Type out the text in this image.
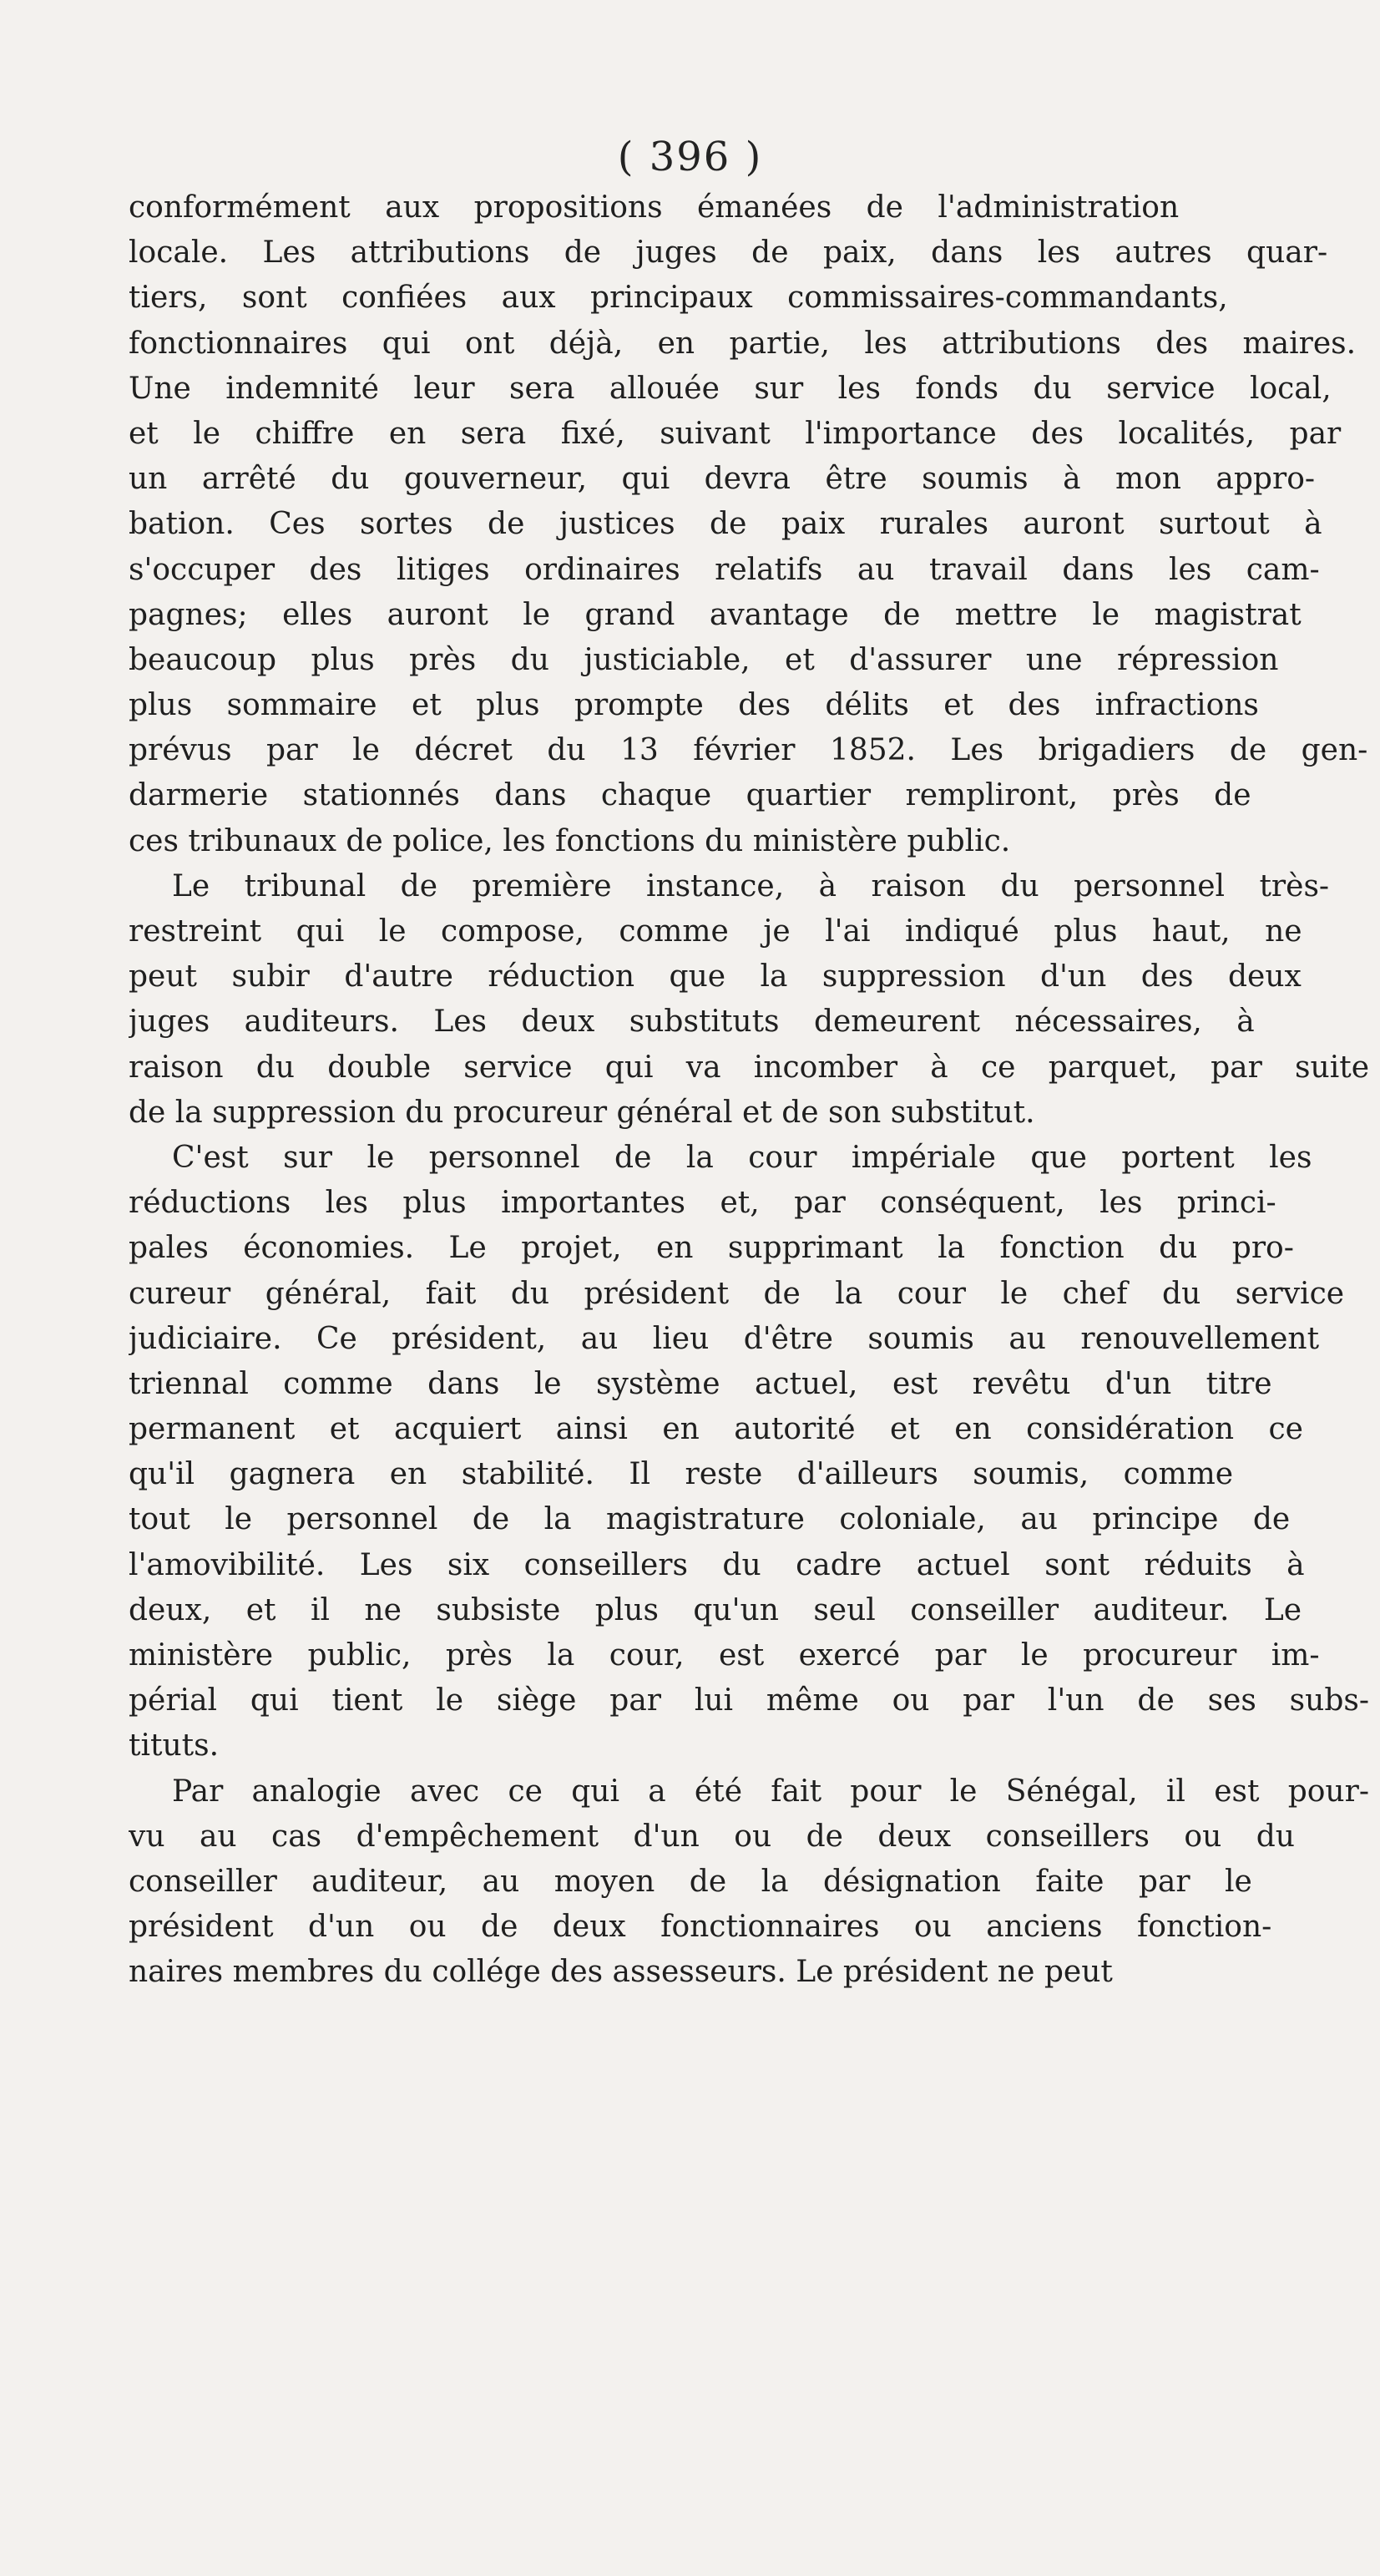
( 396 )
conformément aux propositions émanées de l'administration
locale. Les attributions de juges de paix, dans les autres quar-
tiers, sont confiées aux principaux commissaires-commandants,
fonctionnaires qui ont déjà, en partie, les attributions des maires.
Une indemnité leur sera allouée sur les fonds du service local,
et le chiffre en sera fixé, suivant l'importance des localités, par
un arrêté du gouverneur, qui devra être soumis à mon appro-
bation. Ces sortes de justices de paix rurales auront surtout à
s'occuper des litiges ordinaires relatifs au travail dans les cam-
pagnes; elles auront le grand avantage de mettre le magistrat
beaucoup plus près du justiciable, et d'assurer une répression
plus sommaire et plus prompte des délits et des infractions
prévus par le décret du 13 février 1852. Les brigadiers de gen-
darmerie stationnés dans chaque quartier rempliront, près de
ces tribunaux de police, les fonctions du ministère public.
Le tribunal de première instance, à raison du personnel très-
restreint qui le compose, comme je l'ai indiqué plus haut, ne
peut subir d'autre réduction que la suppression d'un des deux
juges auditeurs. Les deux substituts demeurent nécessaires, à
raison du double service qui va incomber à ce parquet, par suite
de la suppression du procureur général et de son substitut.
C'est sur le personnel de la cour impériale que portent les
réductions les plus importantes et, par conséquent, les princi-
pales économies. Le projet, en supprimant la fonction du pro-
cureur général, fait du président de la cour le chef du service
judiciaire. Ce président, au lieu d'être soumis au renouvellement
triennal comme dans le système actuel, est revêtu d'un titre
permanent et acquiert ainsi en autorité et en considération ce
qu'il gagnera en stabilité. Il reste d'ailleurs soumis, comme
tout le personnel de la magistrature coloniale, au principe de
l'amovibilité. Les six conseillers du cadre actuel sont réduits à
deux, et il ne subsiste plus qu'un seul conseiller auditeur. Le
ministère public, près la cour, est exercé par le procureur im-
périal qui tient le siège par lui même ou par l'un de ses subs-
tituts.
Par analogie avec ce qui a été fait pour le Sénégal, il est pour-
vu au cas d'empêchement d'un ou de deux conseillers ou du
conseiller auditeur, au moyen de la désignation faite par le
président d'un ou de deux fonctionnaires ou anciens fonction-
naires membres du collége des assesseurs. Le président ne peut
